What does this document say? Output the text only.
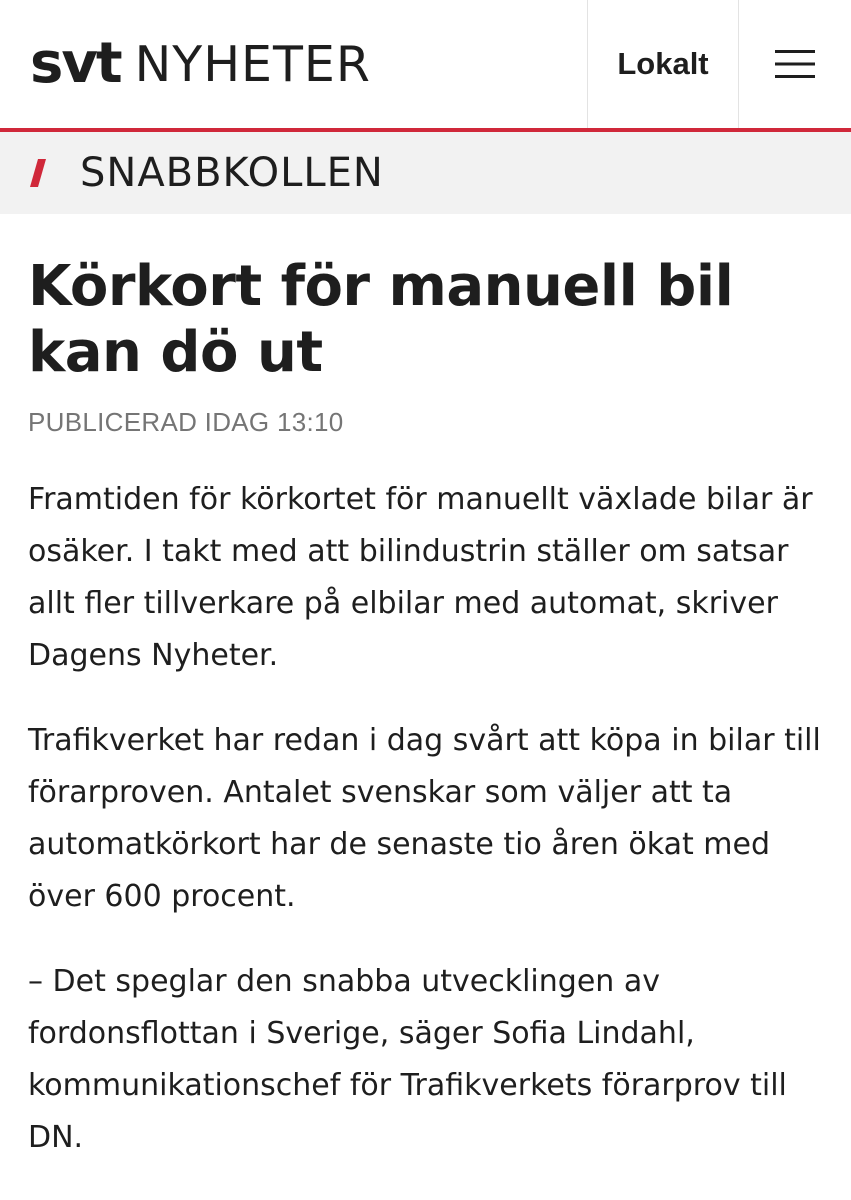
svt NYHETER	Lokalt
SNABBKOLLEN
Körkort för manuell bil kan dö ut
PUBLICERAD IDAG 13:10

Framtiden för körkortet för manuellt växlade bilar är osäker. I takt med att bilindustrin ställer om satsar allt fler tillverkare på elbilar med automat, skriver Dagens Nyheter.

Trafikverket har redan i dag svårt att köpa in bilar till förarproven. Antalet svenskar som väljer att ta automatkörkort har de senaste tio åren ökat med över 600 procent.

– Det speglar den snabba utvecklingen av fordonsflottan i Sverige, säger Sofia Lindahl, kommunikationschef för Trafikverkets förarprov till DN.
